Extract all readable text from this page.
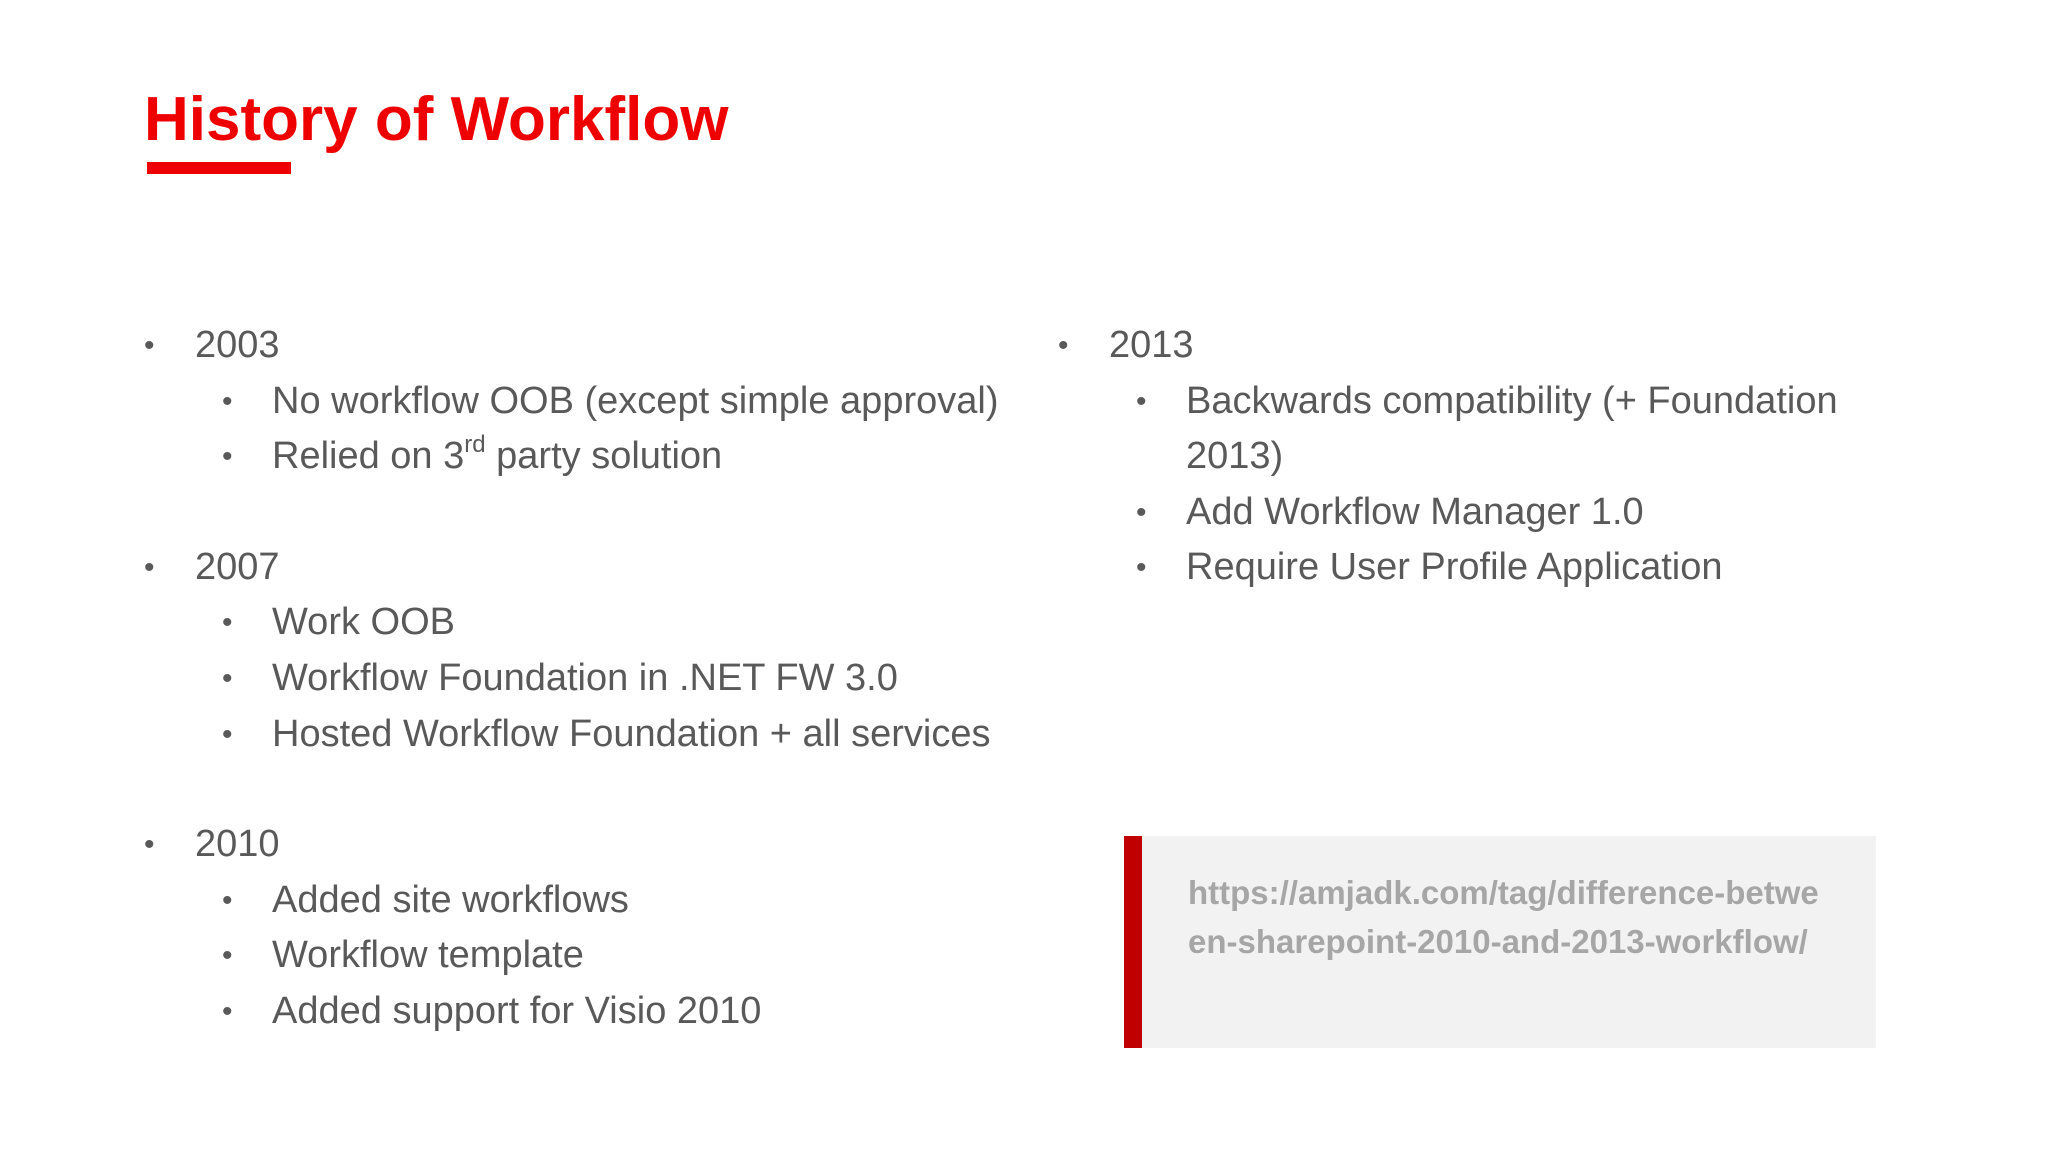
History of Workflow
• 2003
• No workflow OOB (except simple approval)
• Relied on 3rd party solution
• 2007
• Work OOB
• Workflow Foundation in .NET FW 3.0
• Hosted Workflow Foundation + all services
• 2010
• Added site workflows
• Workflow template
• Added support for Visio 2010
• 2013
• Backwards compatibility (+ Foundation 2013)
• Add Workflow Manager 1.0
• Require User Profile Application
https://amjadk.com/tag/difference-between-sharepoint-2010-and-2013-workflow/
